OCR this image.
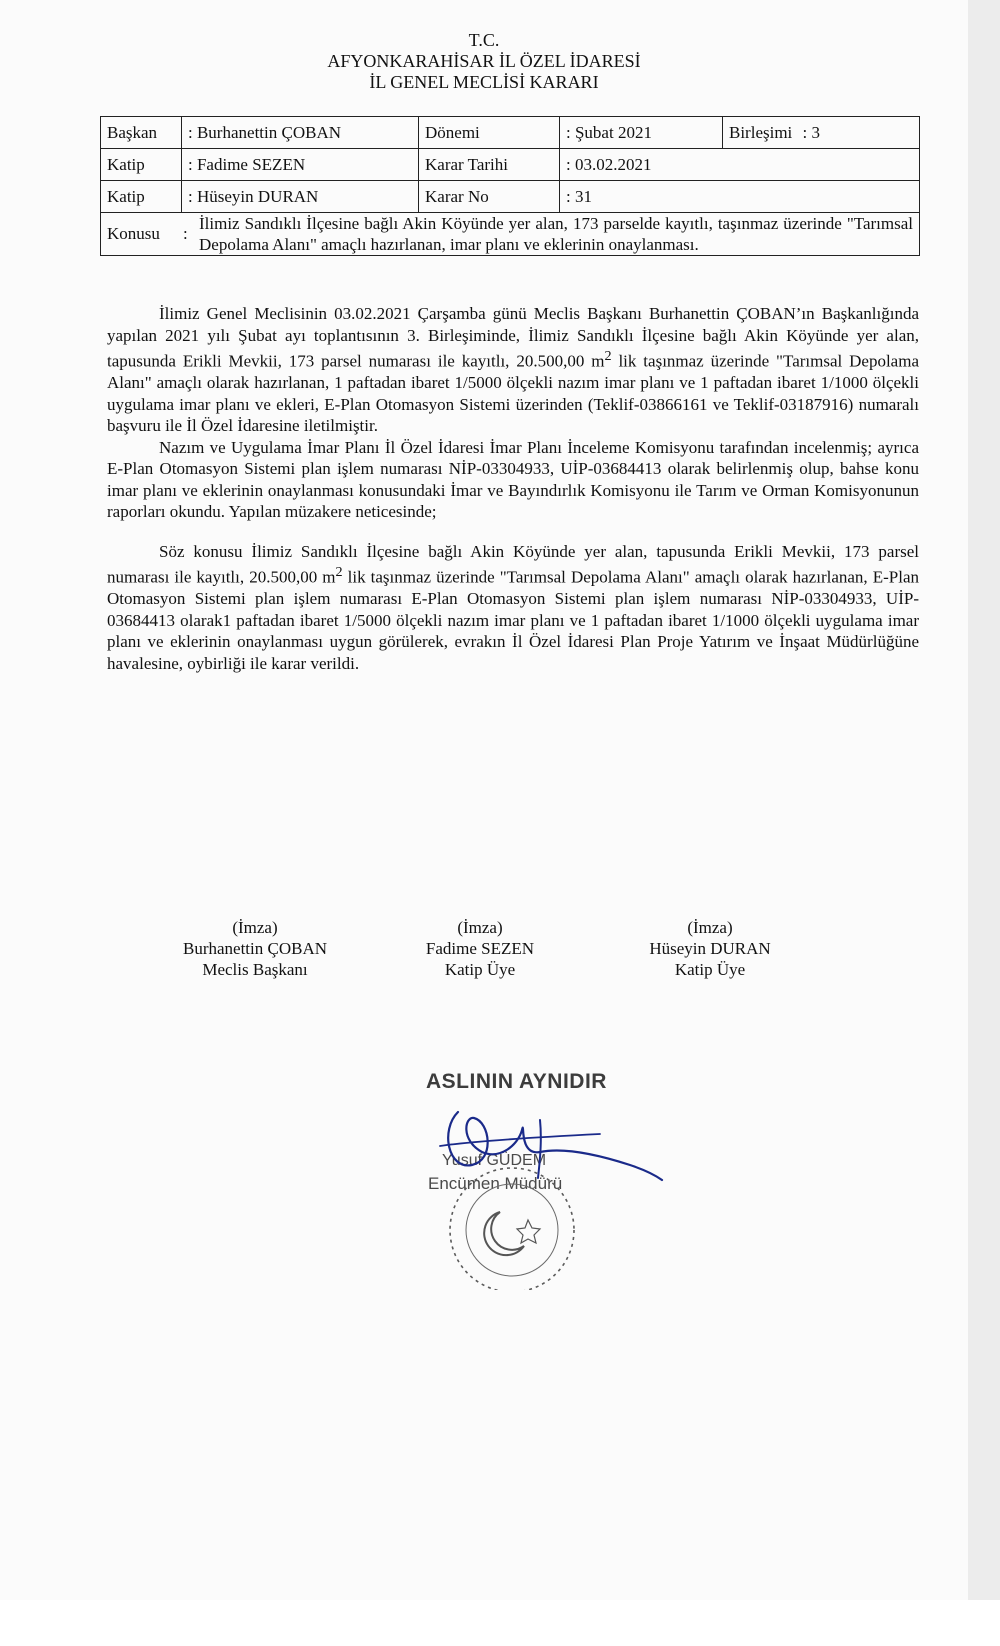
T.C.
AFYONKARAHİSAR İL ÖZEL İDARESİ
İL GENEL MECLİSİ KARARI
Başkan	: Burhanettin ÇOBAN	Dönemi	: Şubat 2021	Birleşimi : 3
Katip	: Fadime SEZEN	Karar Tarihi	: 03.02.2021	
Katip	: Hüseyin DURAN	Karar No	: 31	

Konusu :
İlimiz Sandıklı İlçesine bağlı Akin Köyünde yer alan, 173 parselde kayıtlı, taşınmaz üzerinde "Tarımsal Depolama Alanı" amaçlı hazırlanan, imar planı ve eklerinin onaylanması.				

İlimiz Genel Meclisinin 03.02.2021 Çarşamba günü Meclis Başkanı Burhanettin ÇOBAN’ın Başkanlığında yapılan 2021 yılı Şubat ayı toplantısının 3. Birleşiminde, İlimiz Sandıklı İlçesine bağlı Akin Köyünde yer alan, tapusunda Erikli Mevkii, 173 parsel numarası ile kayıtlı, 20.500,00 $m^2$ lik taşınmaz üzerinde "Tarımsal Depolama Alanı" amaçlı olarak hazırlanan, 1 paftadan ibaret 1/5000 ölçekli nazım imar planı ve 1 paftadan ibaret 1/1000 ölçekli uygulama imar planı ve ekleri, E-Plan Otomasyon Sistemi üzerinden (Teklif-03866161 ve Teklif-03187916) numaralı başvuru ile İl Özel İdaresine iletilmiştir.

Nazım ve Uygulama İmar Planı İl Özel İdaresi İmar Planı İnceleme Komisyonu tarafından incelenmiş; ayrıca E-Plan Otomasyon Sistemi plan işlem numarası NİP-03304933, UİP-03684413 olarak belirlenmiş olup, bahse konu imar planı ve eklerinin onaylanması konusundaki İmar ve Bayındırlık Komisyonu ile Tarım ve Orman Komisyonunun raporları okundu. Yapılan müzakere neticesinde;

Söz konusu İlimiz Sandıklı İlçesine bağlı Akin Köyünde yer alan, tapusunda Erikli Mevkii, 173 parsel numarası ile kayıtlı, 20.500,00 $m^2$ lik taşınmaz üzerinde "Tarımsal Depolama Alanı" amaçlı olarak hazırlanan, E-Plan Otomasyon Sistemi plan işlem numarası E-Plan Otomasyon Sistemi plan işlem numarası NİP-03304933, UİP-03684413 olarak1 paftadan ibaret 1/5000 ölçekli nazım imar planı ve 1 paftadan ibaret 1/1000 ölçekli uygulama imar planı ve eklerinin onaylanması uygun görülerek, evrakın İl Özel İdaresi Plan Proje Yatırım ve İnşaat Müdürlüğüne havalesine, oybirliği ile karar verildi.

(İmza)
Burhanettin ÇOBAN
Meclis Başkanı
(İmza)
Fadime SEZEN
Katip Üye
(İmza)
Hüseyin DURAN
Katip Üye
ASLININ AYNIDIR
Yusuf GÜDEM
Encümen Müdürü
